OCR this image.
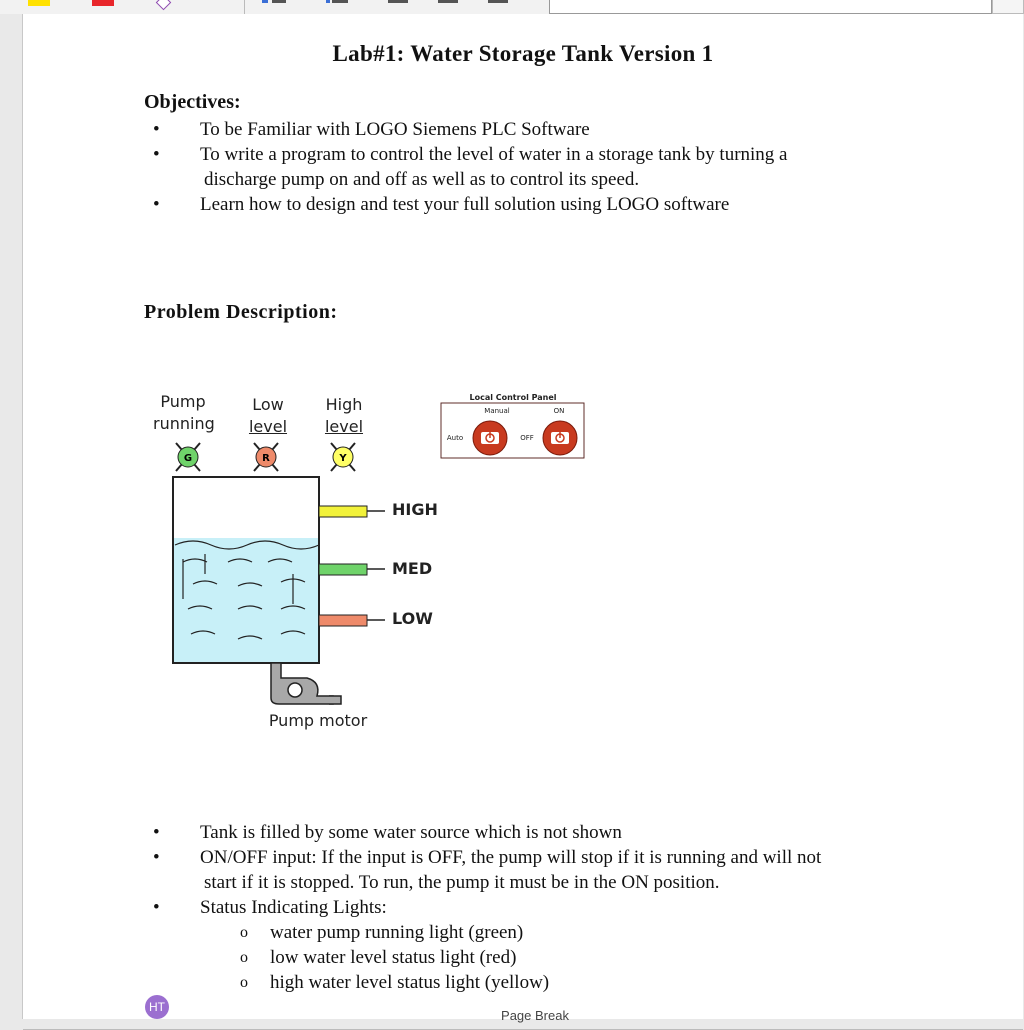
Lab#1: Water Storage Tank Version 1
Objectives:
• To be Familiar with LOGO Siemens PLC Software
• To write a program to control the level of water in a storage tank by turning a
discharge pump on and off as well as to control its speed.
• Learn how to design and test your full solution using LOGO software
Problem Description:
Pump
running
Low
level
High
level
G	R	Y
Local Control Panel
Manual	ON
Auto	OFF
HIGH
MED
LOW
Pump motor
• Tank is filled by some water source which is not shown
• ON/OFF input: If the input is OFF, the pump will stop if it is running and will not
start if it is stopped. To run, the pump it must be in the ON position.
• Status Indicating Lights:
o water pump running light (green)
o low water level status light (red)
o high water level status light (yellow)
Page Break
HT
